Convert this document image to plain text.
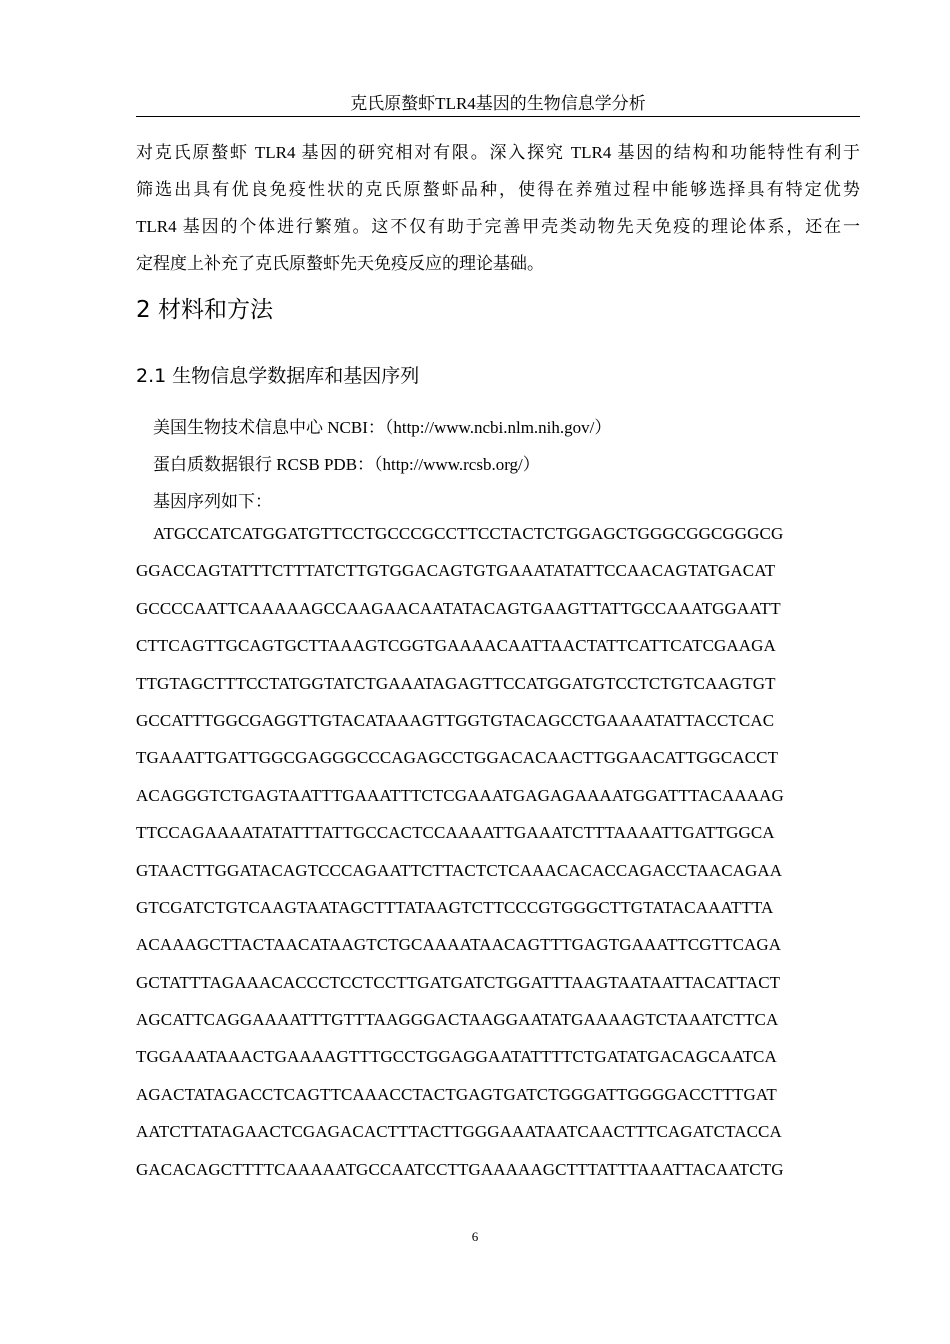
克氏原螯虾TLR4基因的生物信息学分析
对克氏原螯虾 TLR4 基因的研究相对有限。深入探究 TLR4 基因的结构和功能特性有利于
筛选出具有优良免疫性状的克氏原螯虾品种，使得在养殖过程中能够选择具有特定优势
TLR4 基因的个体进行繁殖。这不仅有助于完善甲壳类动物先天免疫的理论体系，还在一
定程度上补充了克氏原螯虾先天免疫反应的理论基础。
2 材料和方法
2.1 生物信息学数据库和基因序列
美国生物技术信息中心 NCBI：（http://www.ncbi.nlm.nih.gov/）
蛋白质数据银行 RCSB PDB：（http://www.rcsb.org/）
基因序列如下：
ATGCCATCATGGATGTTCCTGCCCGCCTTCCTACTCTGGAGCTGGGCGGCGGGCG
GGACCAGTATTTCTTTATCTTGTGGACAGTGTGAAATATATTCCAACAGTATGACAT
GCCCCAATTCAAAAAGCCAAGAACAATATACAGTGAAGTTATTGCCAAATGGAATT
CTTCAGTTGCAGTGCTTAAAGTCGGTGAAAACAATTAACTATTCATTCATCGAAGA
TTGTAGCTTTCCTATGGTATCTGAAATAGAGTTCCATGGATGTCCTCTGTCAAGTGT
GCCATTTGGCGAGGTTGTACATAAAGTTGGTGTACAGCCTGAAAATATTACCTCAC
TGAAATTGATTGGCGAGGGCCCAGAGCCTGGACACAACTTGGAACATTGGCACCT
ACAGGGTCTGAGTAATTTGAAATTTCTCGAAATGAGAGAAAATGGATTTACAAAAG
TTCCAGAAAATATATTTATTGCCACTCCAAAATTGAAATCTTTAAAATTGATTGGCA
GTAACTTGGATACAGTCCCAGAATTCTTACTCTCAAACACACCAGACCTAACAGAA
GTCGATCTGTCAAGTAATAGCTTTATAAGTCTTCCCGTGGGCTTGTATACAAATTTA
ACAAAGCTTACTAACATAAGTCTGCAAAATAACAGTTTGAGTGAAATTCGTTCAGA
GCTATTTAGAAACACCCTCCTCCTTGATGATCTGGATTTAAGTAATAATTACATTACT
AGCATTCAGGAAAATTTGTTTAAGGGACTAAGGAATATGAAAAGTCTAAATCTTCA
TGGAAATAAACTGAAAAGTTTGCCTGGAGGAATATTTTCTGATATGACAGCAATCA
AGACTATAGACCTCAGTTCAAACCTACTGAGTGATCTGGGATTGGGGACCTTTGAT
AATCTTATAGAACTCGAGACACTTTACTTGGGAAATAATCAACTTTCAGATCTACCA
GACACAGCTTTTCAAAAATGCCAATCCTTGAAAAAGCTTTATTTAAATTACAATCTG
6
